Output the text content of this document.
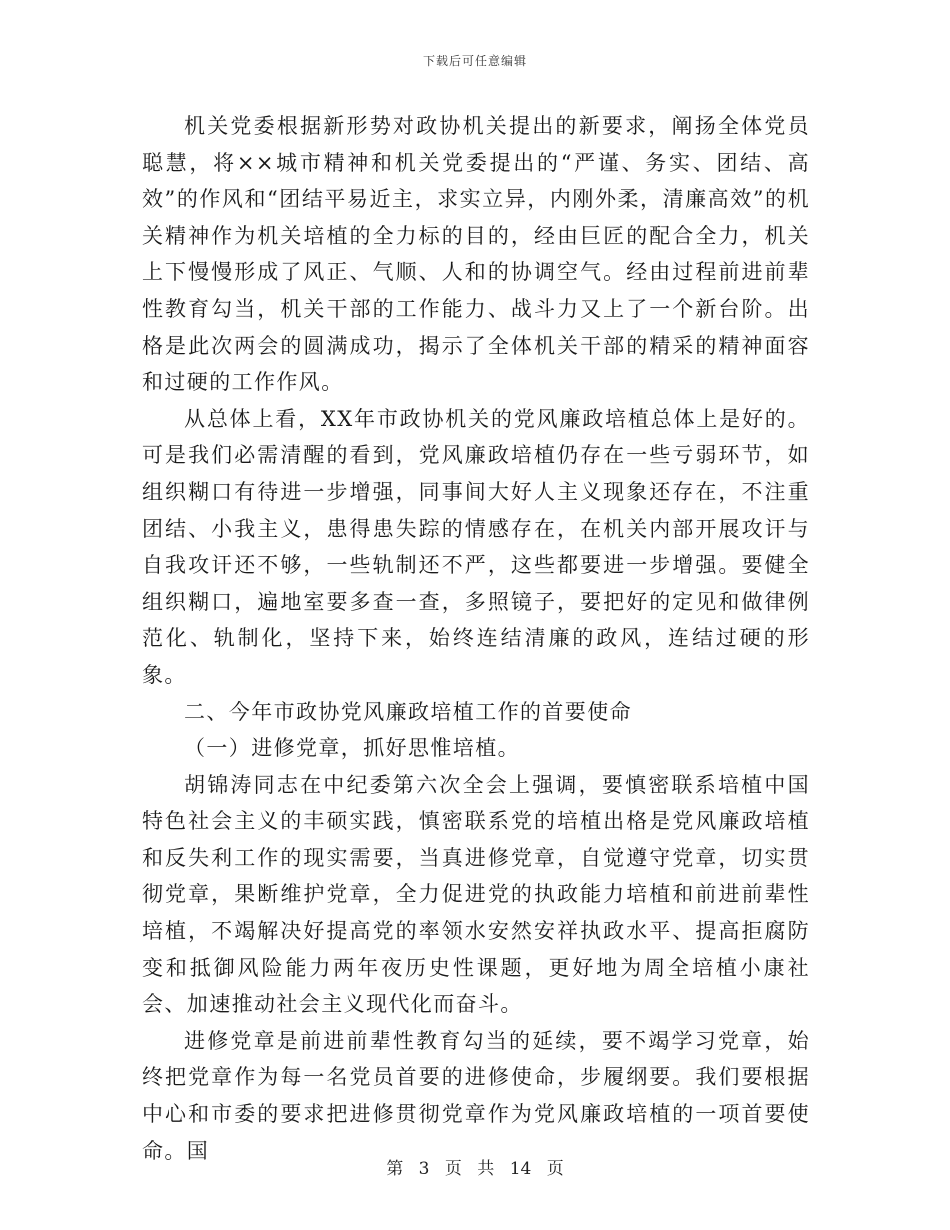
下载后可任意编辑

机关党委根据新形势对政协机关提出的新要求，阐扬全体党员聪慧，将××城市精神和机关党委提出的“严谨、务实、团结、高效”的作风和“团结平易近主，求实立异，内刚外柔，清廉高效”的机关精神作为机关培植的全力标的目的，经由巨匠的配合全力，机关上下慢慢形成了风正、气顺、人和的协调空气。经由过程前进前辈性教育勾当，机关干部的工作能力、战斗力又上了一个新台阶。出格是此次两会的圆满成功，揭示了全体机关干部的精采的精神面容和过硬的工作作风。

从总体上看，XX年市政协机关的党风廉政培植总体上是好的。可是我们必需清醒的看到，党风廉政培植仍存在一些亏弱环节，如组织糊口有待进一步增强，同事间大好人主义现象还存在，不注重团结、小我主义，患得患失踪的情感存在，在机关内部开展攻讦与自我攻讦还不够，一些轨制还不严，这些都要进一步增强。要健全组织糊口，遍地室要多查一查，多照镜子，要把好的定见和做律例范化、轨制化，坚持下来，始终连结清廉的政风，连结过硬的形象。

二、今年市政协党风廉政培植工作的首要使命

（一）进修党章，抓好思惟培植。

胡锦涛同志在中纪委第六次全会上强调，要慎密联系培植中国特色社会主义的丰硕实践，慎密联系党的培植出格是党风廉政培植和反失利工作的现实需要，当真进修党章，自觉遵守党章，切实贯彻党章，果断维护党章，全力促进党的执政能力培植和前进前辈性培植，不竭解决好提高党的率领水安然安祥执政水平、提高拒腐防变和抵御风险能力两年夜历史性课题，更好地为周全培植小康社会、加速推动社会主义现代化而奋斗。

进修党章是前进前辈性教育勾当的延续，要不竭学习党章，始终把党章作为每一名党员首要的进修使命，步履纲要。我们要根据中心和市委的要求把进修贯彻党章作为党风廉政培植的一项首要使命。国

第 3 页 共 14 页
